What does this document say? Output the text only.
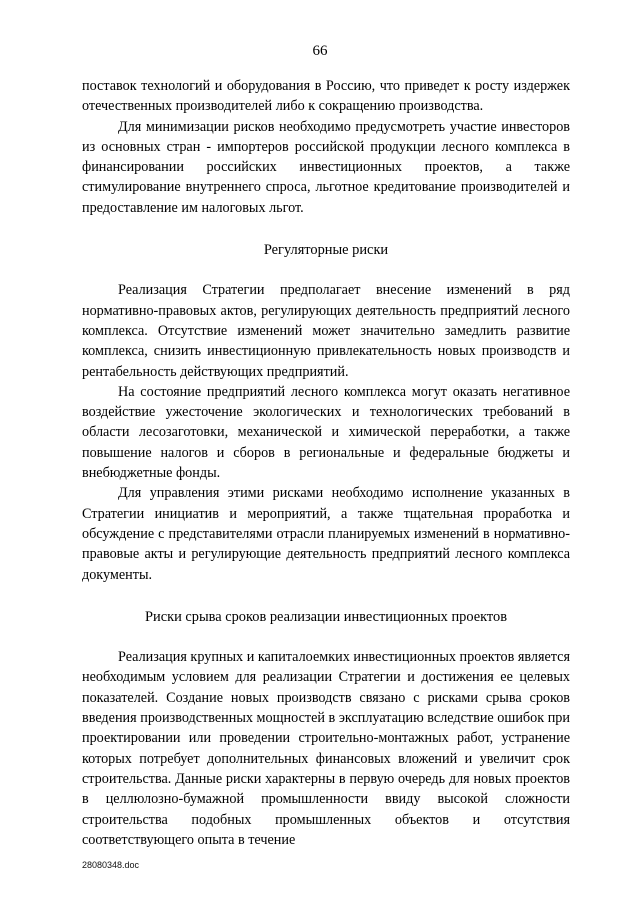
66

поставок технологий и оборудования в Россию, что приведет к росту издержек отечественных производителей либо к сокращению производства.

Для минимизации рисков необходимо предусмотреть участие инвесторов из основных стран - импортеров российской продукции лесного комплекса в финансировании российских инвестиционных проектов, а также стимулирование внутреннего спроса, льготное кредитование производителей и предоставление им налоговых льгот.

Регуляторные риски

Реализация Стратегии предполагает внесение изменений в ряд нормативно-правовых актов, регулирующих деятельность предприятий лесного комплекса. Отсутствие изменений может значительно замедлить развитие комплекса, снизить инвестиционную привлекательность новых производств и рентабельность действующих предприятий.

На состояние предприятий лесного комплекса могут оказать негативное воздействие ужесточение экологических и технологических требований в области лесозаготовки, механической и химической переработки, а также повышение налогов и сборов в региональные и федеральные бюджеты и внебюджетные фонды.

Для управления этими рисками необходимо исполнение указанных в Стратегии инициатив и мероприятий, а также тщательная проработка и обсуждение с представителями отрасли планируемых изменений в нормативно-правовые акты и регулирующие деятельность предприятий лесного комплекса документы.

Риски срыва сроков реализации инвестиционных проектов

Реализация крупных и капиталоемких инвестиционных проектов является необходимым условием для реализации Стратегии и достижения ее целевых показателей. Создание новых производств связано с рисками срыва сроков введения производственных мощностей в эксплуатацию вследствие ошибок при проектировании или проведении строительно-монтажных работ, устранение которых потребует дополнительных финансовых вложений и увеличит срок строительства. Данные риски характерны в первую очередь для новых проектов в целлюлозно-бумажной промышленности ввиду высокой сложности строительства подобных промышленных объектов и отсутствия соответствующего опыта в течение

28080348.doc
